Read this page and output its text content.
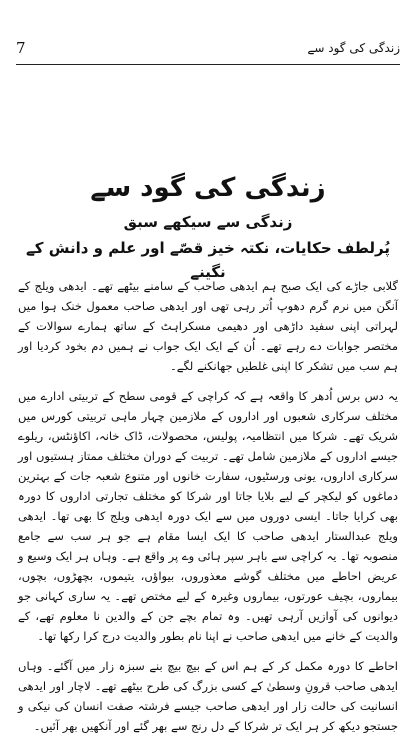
7	زندگی کی گود سے
زندگی کی گود سے

زندگی سے سیکھے سبق

پُرلطف حکایات، نکتہ خیز قصّے اور علم و دانش کے نگینے

گلابی جاڑے کی ایک صبح ہم ایدھی صاحب کے سامنے بیٹھے تھے۔ ایدھی ویلج کے آنگن میں نرم گرم دھوپ اُتر رہی تھی اور ایدھی صاحب معمول خنک ہوا میں لہراتی اپنی سفید داڑھی اور دھیمی مسکراہٹ کے ساتھ ہمارے سوالات کے مختصر جوابات دے رہے تھے۔ اُن کے ایک ایک جواب نے ہمیں دم بخود کردیا اور ہم سب میں تشکر کا اپنی غلطیں جھانکنے لگے۔

یہ دس برس اُدھر کا واقعہ ہے کہ کراچی کے قومی سطح کے تربیتی ادارے میں مختلف سرکاری شعبوں اور اداروں کے ملازمین چہار ماہی تربیتی کورس میں شریک تھے۔ شرکا میں انتظامیہ، پولیس، محصولات، ڈاک خانہ، اکاؤنٹس، ریلوے جیسے اداروں کے ملازمین شامل تھے۔ تربیت کے دوران مختلف ممتاز ہستیوں اور سرکاری اداروں، یونی ورسٹیوں، سفارت خانوں اور متنوع شعبہ جات کے بہترین دماغوں کو لیکچر کے لیے بلایا جاتا اور شرکا کو مختلف تجارتی اداروں کا دورہ بھی کرایا جاتا۔ ایسی دوروں میں سے ایک دورہ ایدھی ویلج کا بھی تھا۔ ایدھی ویلج عبدالستار ایدھی صاحب کا ایک ایسا مقام ہے جو ہر سب سے جامع منصوبہ تھا۔ یہ کراچی سے باہر سپر ہائی وے پر واقع ہے۔ وہاں ہر ایک وسیع و عریض احاطے میں مختلف گوشے معذوروں، بیواؤں، یتیموں، بچھڑوں، بچوں، بیماروں، بچیف عورتوں، بیماروں وغیرہ کے لیے مختص تھے۔ یہ ساری کہانی جو دیوانوں کی آوازیں آرہی تھیں۔ وہ تمام بچے جن کے والدین نا معلوم تھے، کے والدیت کے خانے میں ایدھی صاحب نے اپنا نام بطور والدیت درج کرا رکھا تھا۔

احاطے کا دورہ مکمل کر کے ہم اس کے بیچ بیچ بنے سبزہ زار میں آگئے۔ وہاں ایدھی صاحب قرونِ وسطیٰ کے کسی بزرگ کی طرح بیٹھے تھے۔ لاچار اور ایدھی انسانیت کی حالت زار اور ایدھی صاحب جیسے فرشتہ صفت انسان کی نیکی و جستجو دیکھ کر ہر ایک تر شرکا کے دل رنج سے بھر گئے اور آنکھیں بھر آئیں۔
